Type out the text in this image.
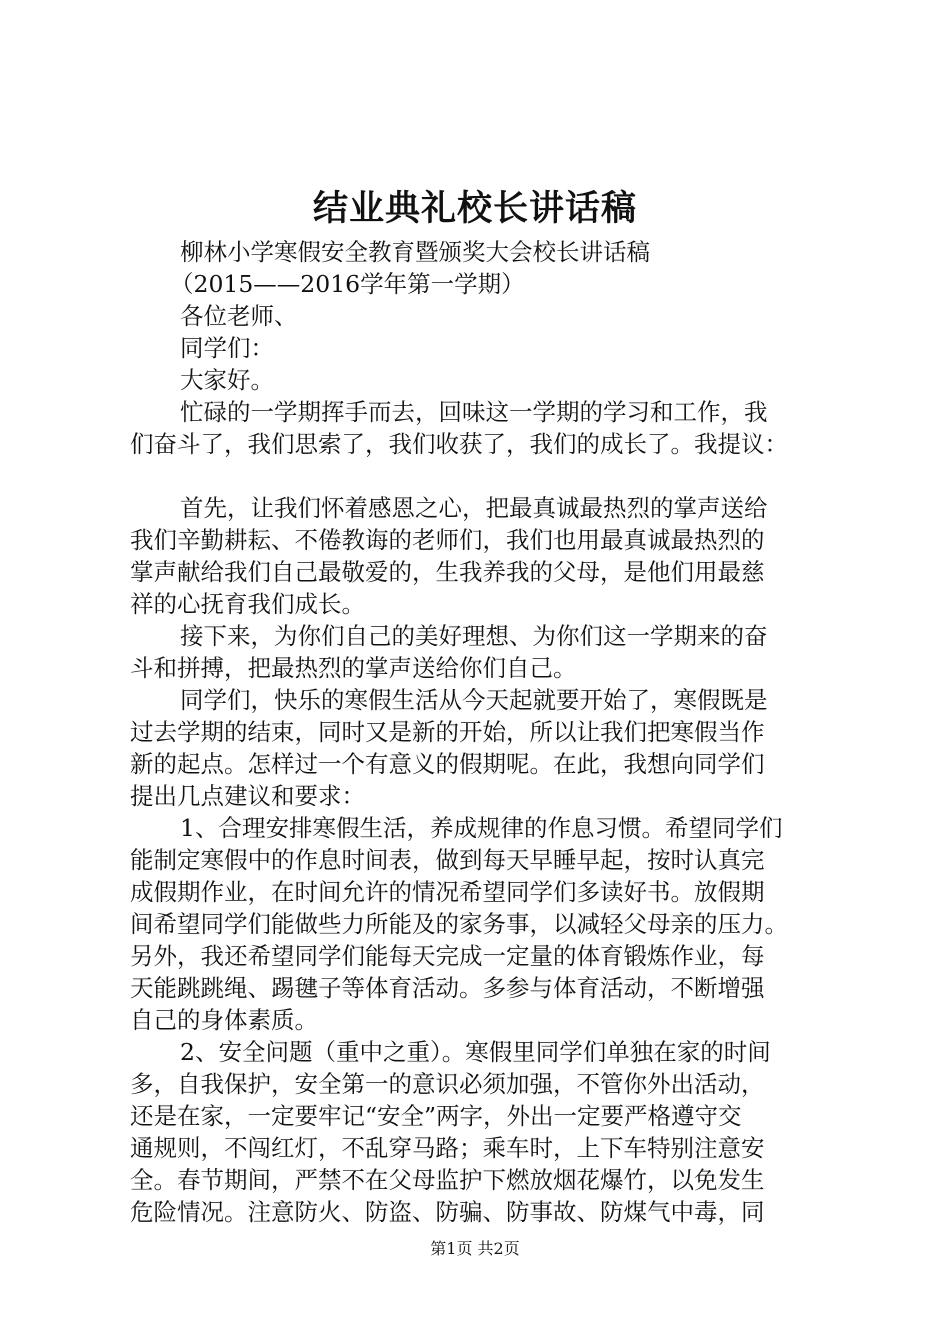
结业典礼校长讲话稿
柳林小学寒假安全教育暨颁奖大会校长讲话稿
（2015——2016学年第一学期）
各位老师、
同学们：
大家好。
忙碌的一学期挥手而去，回味这一学期的学习和工作，我
们奋斗了，我们思索了，我们收获了，我们的成长了。我提议：
首先，让我们怀着感恩之心，把最真诚最热烈的掌声送给
我们辛勤耕耘、不倦教诲的老师们，我们也用最真诚最热烈的
掌声献给我们自己最敬爱的，生我养我的父母，是他们用最慈
祥的心抚育我们成长。
接下来，为你们自己的美好理想、为你们这一学期来的奋
斗和拼搏，把最热烈的掌声送给你们自己。
同学们，快乐的寒假生活从今天起就要开始了，寒假既是
过去学期的结束，同时又是新的开始，所以让我们把寒假当作
新的起点。怎样过一个有意义的假期呢。在此，我想向同学们
提出几点建议和要求：
1、合理安排寒假生活，养成规律的作息习惯。希望同学们
能制定寒假中的作息时间表，做到每天早睡早起，按时认真完
成假期作业，在时间允许的情况希望同学们多读好书。放假期
间希望同学们能做些力所能及的家务事，以减轻父母亲的压力。
另外，我还希望同学们能每天完成一定量的体育锻炼作业，每
天能跳跳绳、踢毽子等体育活动。多参与体育活动，不断增强
自己的身体素质。
2、安全问题（重中之重）。寒假里同学们单独在家的时间
多，自我保护，安全第一的意识必须加强，不管你外出活动，
还是在家，一定要牢记“安全”两字，外出一定要严格遵守交
通规则，不闯红灯，不乱穿马路；乘车时，上下车特别注意安
全。春节期间，严禁不在父母监护下燃放烟花爆竹，以免发生
危险情况。注意防火、防盗、防骗、防事故、防煤气中毒，同
第1页 共2页
